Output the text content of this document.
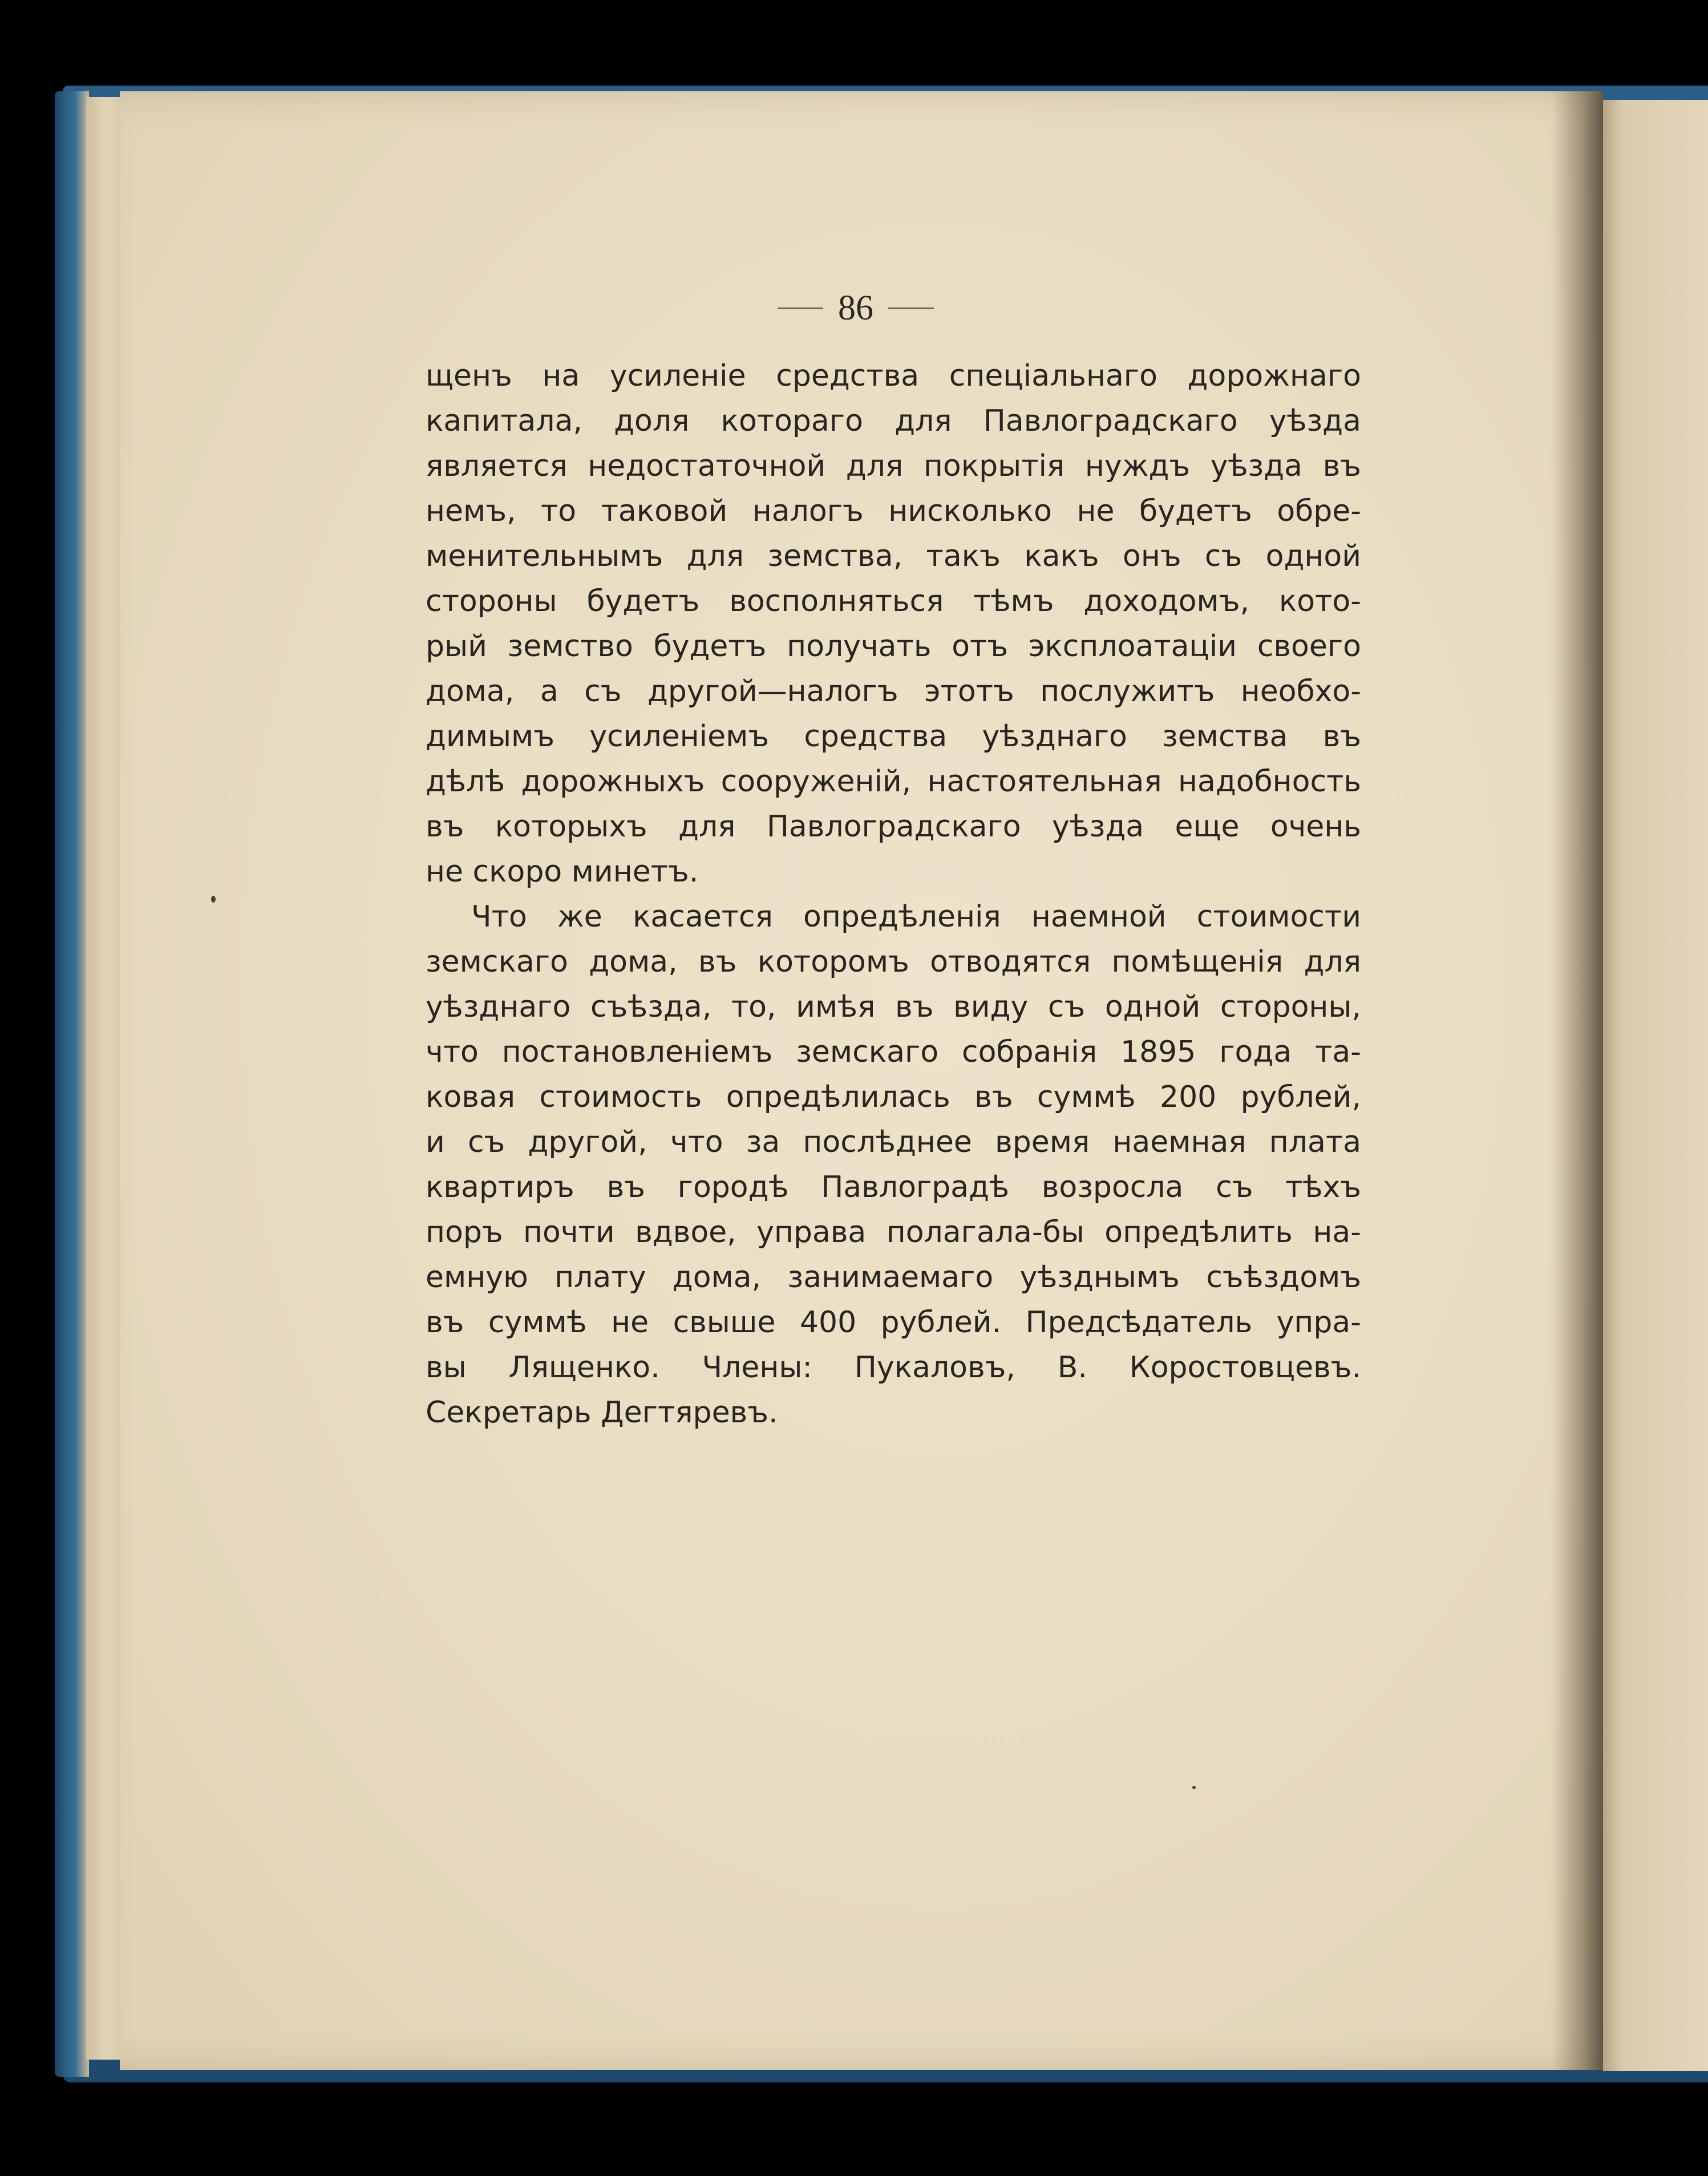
86
щенъ на усиленіе средства спеціальнаго дорожнаго
капитала, доля котораго для Павлоградскаго уѣзда
является недостаточной для покрытія нуждъ уѣзда въ
немъ, то таковой налогъ нисколько не будетъ обре-
менительнымъ для земства, такъ какъ онъ съ одной
стороны будетъ восполняться тѣмъ доходомъ, кото-
рый земство будетъ получать отъ эксплоатаціи своего
дома, а съ другой—налогъ этотъ послужитъ необхо-
димымъ усиленіемъ средства уѣзднаго земства въ
дѣлѣ дорожныхъ сооруженій, настоятельная надобность
въ которыхъ для Павлоградскаго уѣзда еще очень
не скоро минетъ.
Что же касается опредѣленія наемной стоимости
земскаго дома, въ которомъ отводятся помѣщенія для
уѣзднаго съѣзда, то, имѣя въ виду съ одной стороны,
что постановленіемъ земскаго собранія 1895 года та-
ковая стоимость опредѣлилась въ суммѣ 200 рублей,
и съ другой, что за послѣднее время наемная плата
квартиръ въ городѣ Павлоградѣ возросла съ тѣхъ
поръ почти вдвое, управа полагала-бы опредѣлить на-
емную плату дома, занимаемаго уѣзднымъ съѣздомъ
въ суммѣ не свыше 400 рублей. Предсѣдатель упра-
вы Лященко. Члены: Пукаловъ, В. Коростовцевъ.
Секретарь Дегтяревъ.
